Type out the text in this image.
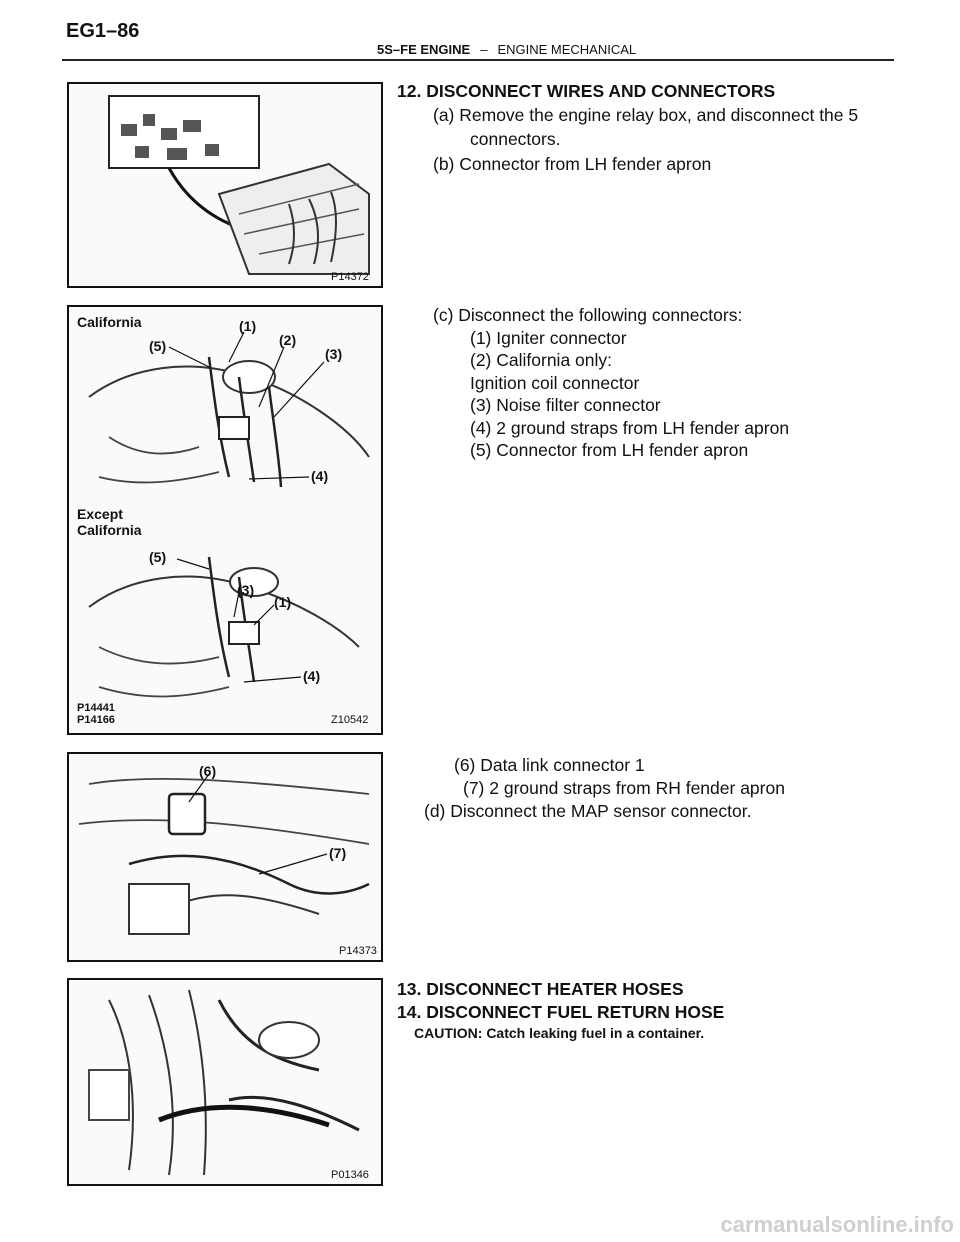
EG1–86
5S–FE ENGINE – ENGINE MECHANICAL
P14372
California
Except
California
(5)
(1)
(2)
(3)
(4)
(5)
(3)
(1)
(4)
P14441
P14166	Z10542
(6)
(7)
P14373
P01346
12. DISCONNECT WIRES AND CONNECTORS
(a) Remove the engine relay box, and disconnect the 5
connectors.
(b) Connector from LH fender apron
(c) Disconnect the following connectors:
(1) Igniter connector
(2) California only:
Ignition coil connector
(3) Noise filter connector
(4) 2 ground straps from LH fender apron
(5) Connector from LH fender apron
(6) Data link connector 1
(7) 2 ground straps from RH fender apron
(d) Disconnect the MAP sensor connector.
13. DISCONNECT HEATER HOSES
14. DISCONNECT FUEL RETURN HOSE
CAUTION: Catch leaking fuel in a container.
carmanualsonline.info
